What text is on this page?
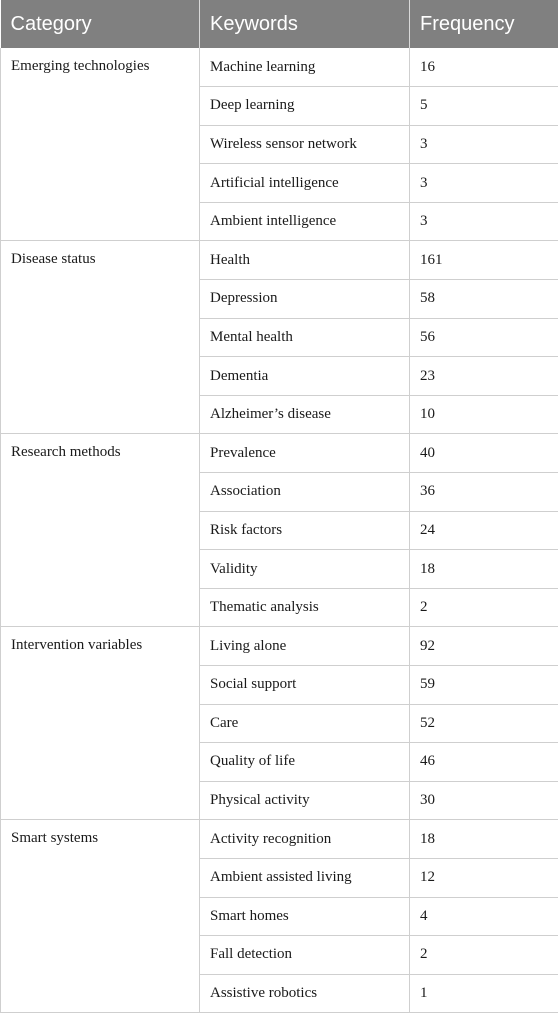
Category	Keywords	Frequency
Emerging technologies	Machine learning	16
	Deep learning	5
	Wireless sensor network	3
	Artificial intelligence	3
	Ambient intelligence	3
Disease status	Health	161
	Depression	58
	Mental health	56
	Dementia	23
	Alzheimer’s disease	10
Research methods	Prevalence	40
	Association	36
	Risk factors	24
	Validity	18
	Thematic analysis	2
Intervention variables	Living alone	92
	Social support	59
	Care	52
	Quality of life	46
	Physical activity	30
Smart systems	Activity recognition	18
	Ambient assisted living	12
	Smart homes	4
	Fall detection	2
	Assistive robotics	1
